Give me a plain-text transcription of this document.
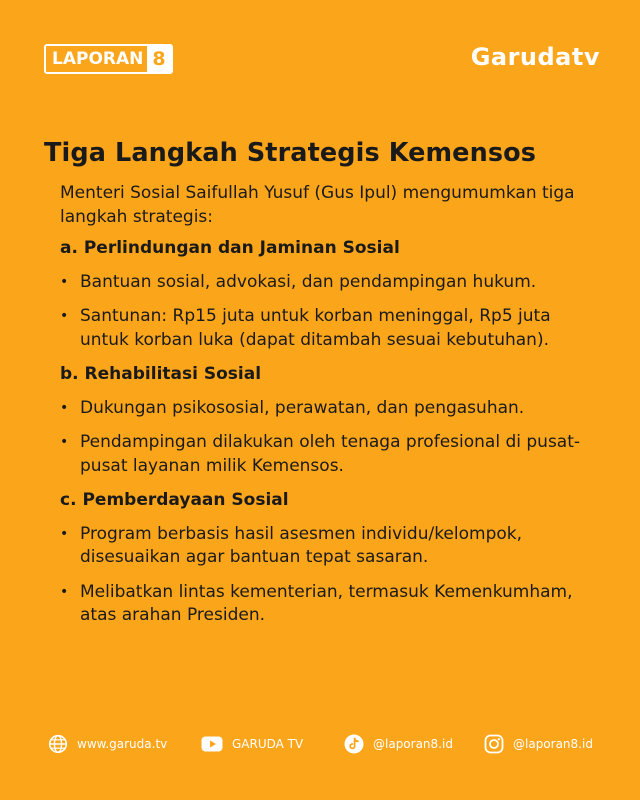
LAPORAN 8	Garudatv
Tiga Langkah Strategis Kemensos

Menteri Sosial Saifullah Yusuf (Gus Ipul) mengumumkan tiga langkah strategis:

a. Perlindungan dan Jaminan Sosial

• Bantuan sosial, advokasi, dan pendampingan hukum.
• Santunan: Rp15 juta untuk korban meninggal, Rp5 juta untuk korban luka (dapat ditambah sesuai kebutuhan).

b. Rehabilitasi Sosial

• Dukungan psikososial, perawatan, dan pengasuhan.
• Pendampingan dilakukan oleh tenaga profesional di pusat-pusat layanan milik Kemensos.

c. Pemberdayaan Sosial

• Program berbasis hasil asesmen individu/kelompok, disesuaikan agar bantuan tepat sasaran.
• Melibatkan lintas kementerian, termasuk Kemenkumham, atas arahan Presiden.
www.garuda.tv	GARUDA TV	@laporan8.id	@laporan8.id
